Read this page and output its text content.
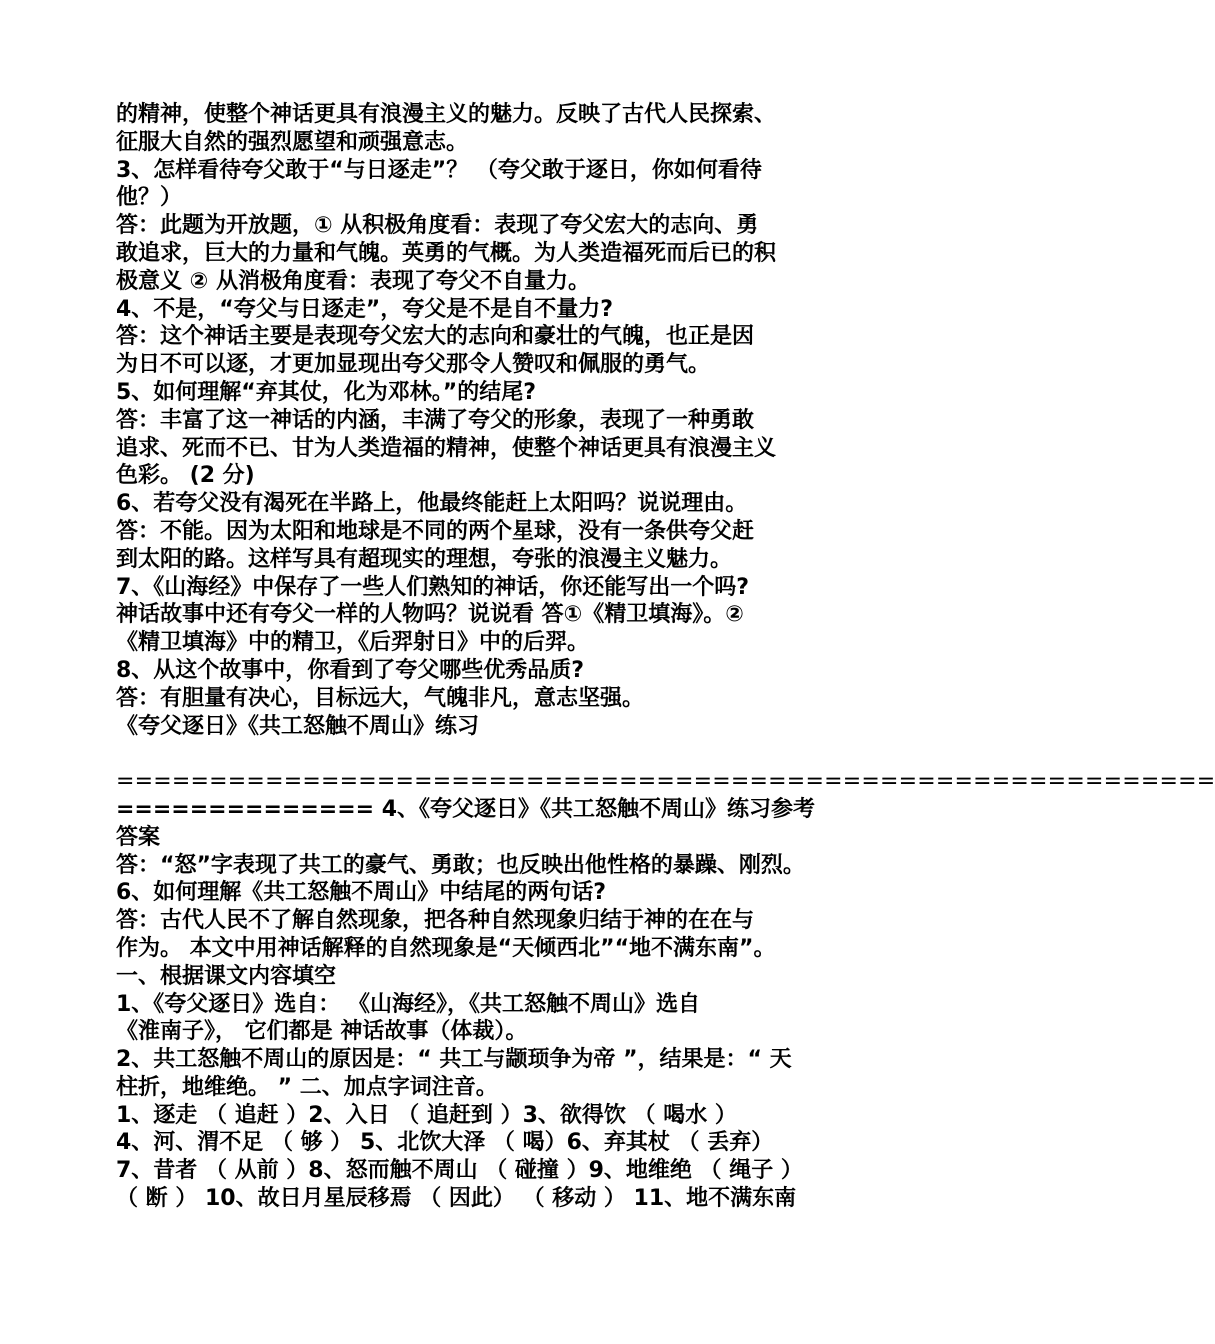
的精神，使整个神话更具有浪漫主义的魅力。反映了古代人民探索、

征服大自然的强烈愿望和顽强意志。

3、怎样看待夸父敢于“与日逐走”？ （夸父敢于逐日，你如何看待

他？）

答：此题为开放题，① 从积极角度看：表现了夸父宏大的志向、勇

敢追求，巨大的力量和气魄。英勇的气概。为人类造福死而后已的积

极意义 ② 从消极角度看：表现了夸父不自量力。

4、不是，“夸父与日逐走”，夸父是不是自不量力?

答：这个神话主要是表现夸父宏大的志向和豪壮的气魄，也正是因

为日不可以逐，才更加显现出夸父那令人赞叹和佩服的勇气。

5、如何理解“弃其仗，化为邓林。”的结尾?

答：丰富了这一神话的内涵，丰满了夸父的形象，表现了一种勇敢

追求、死而不已、甘为人类造福的精神，使整个神话更具有浪漫主义

色彩。 (2 分)

6、若夸父没有渴死在半路上，他最终能赶上太阳吗？说说理由。

答：不能。因为太阳和地球是不同的两个星球，没有一条供夸父赶

到太阳的路。这样写具有超现实的理想，夸张的浪漫主义魅力。

7、《山海经》中保存了一些人们熟知的神话，你还能写出一个吗?

神话故事中还有夸父一样的人物吗？说说看 答①《精卫填海》。②

《精卫填海》中的精卫，《后羿射日》中的后羿。

8、从这个故事中，你看到了夸父哪些优秀品质?

答：有胆量有决心，目标远大，气魄非凡，意志坚强。

《夸父逐日》《共工怒触不周山》练习

===========================================================

============== 4、《夸父逐日》《共工怒触不周山》练习参考

答案

答：“怒”字表现了共工的豪气、勇敢；也反映出他性格的暴躁、刚烈。

6、如何理解《共工怒触不周山》中结尾的两句话?

答：古代人民不了解自然现象，把各种自然现象归结于神的在在与

作为。 本文中用神话解释的自然现象是“天倾西北”“地不满东南”。

一、根据课文内容填空

1、《夸父逐日》选自： 《山海经》，《共工怒触不周山》选自

《淮南子》， 它们都是 神话故事（体裁）。

2、共工怒触不周山的原因是：“ 共工与颛顼争为帝 ”，结果是：“ 天

柱折，地维绝。 ” 二、加点字词注音。

1、逐走 （ 追赶 ）2、入日 （ 追赶到 ）3、欲得饮 （ 喝水 ）

4、河、渭不足 （ 够 ） 5、北饮大泽 （ 喝）6、弃其杖 （ 丢弃）

7、昔者 （ 从前 ）8、怒而触不周山 （ 碰撞 ）9、地维绝 （ 绳子 ）

（ 断 ） 10、故日月星辰移焉 （ 因此） （ 移动 ） 11、地不满东南
